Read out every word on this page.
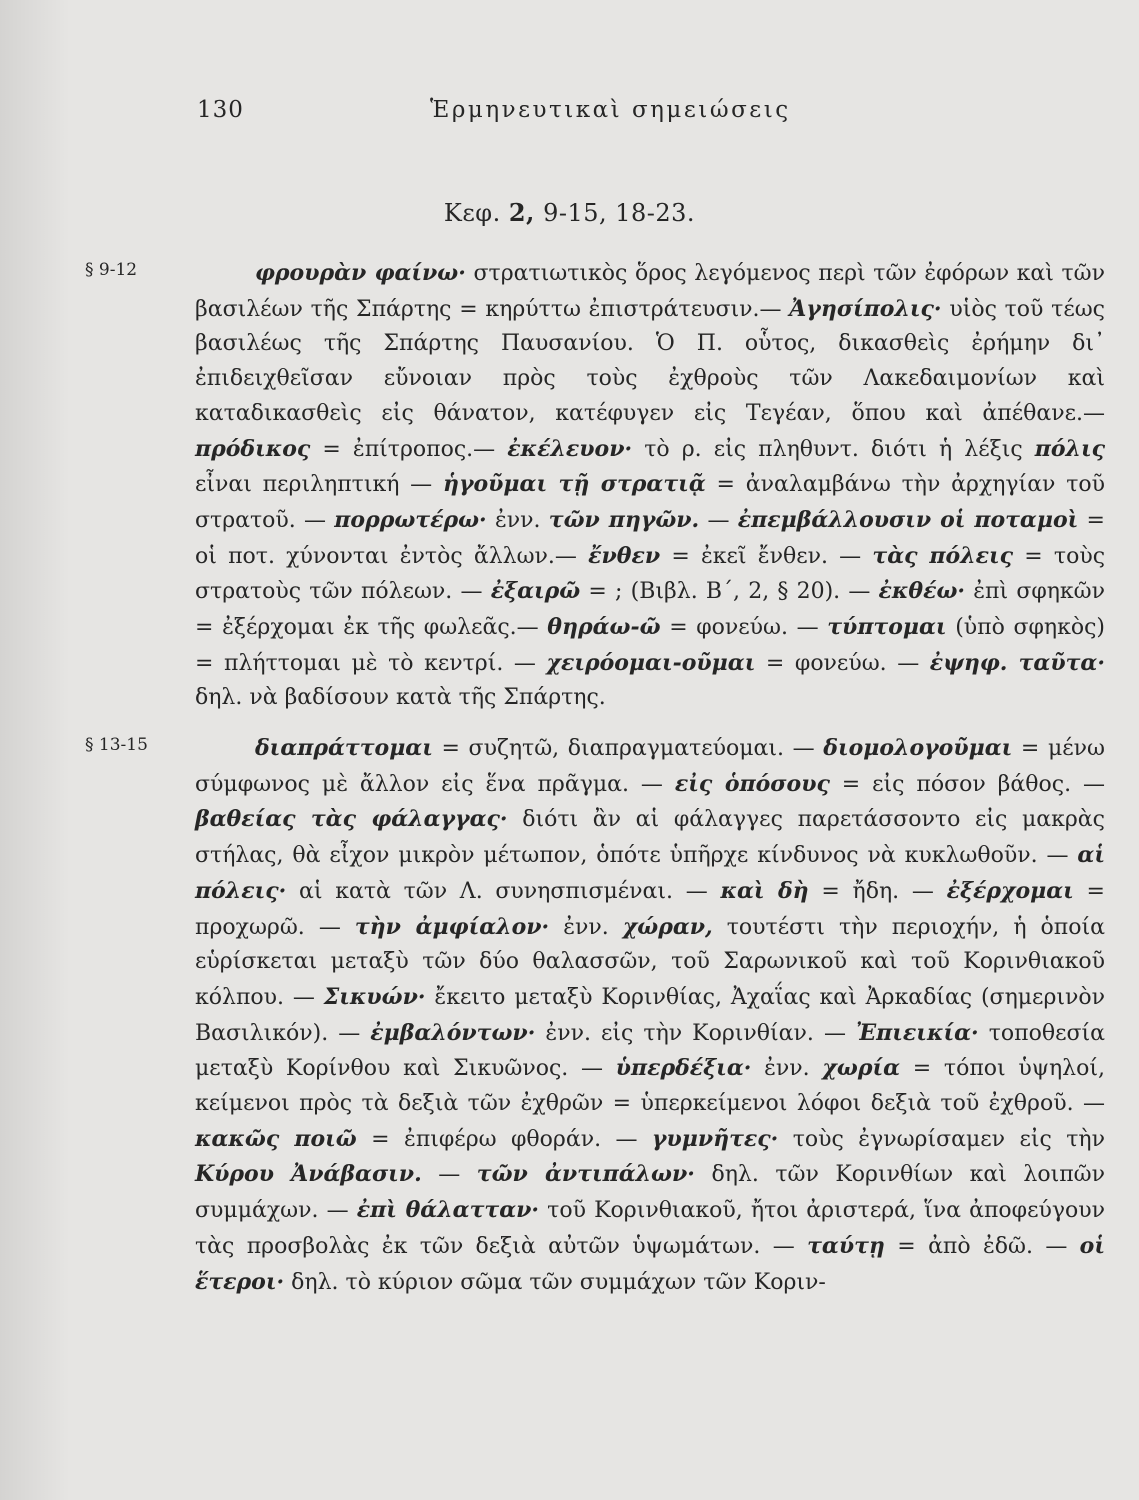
130	Ἑρμηνευτικαὶ σημειώσεις
Κεφ. 2, 9-15, 18-23.
§ 9-12	φρουρὰν φαίνω· στρατιωτικὸς ὅρος λεγόμενος περὶ τῶν ἐφόρων καὶ τῶν βασιλέων τῆς Σπάρτης = κηρύττω ἐπιστράτευσιν.— Ἀγησίπολις· υἱὸς τοῦ τέως βασιλέως τῆς Σπάρτης Παυσανίου. Ὁ Π. οὗτος, δικασθεὶς ἐρήμην δι᾿ ἐπιδειχθεῖσαν εὔνοιαν πρὸς τοὺς ἐχθροὺς τῶν Λακεδαιμονίων καὶ καταδικασθεὶς εἰς θάνατον, κατέφυγεν εἰς Τεγέαν, ὅπου καὶ ἀπέθανε.— πρόδικος = ἐπίτροπος.— ἐκέλευον· τὸ ρ. εἰς πληθυντ. διότι ἡ λέξις πόλις εἶναι περιληπτική — ἡγοῦμαι τῇ στρατιᾷ = ἀναλαμβάνω τὴν ἀρχηγίαν τοῦ στρατοῦ. — πορρωτέρω· ἐνν. τῶν πηγῶν. — ἐπεμβάλλουσιν οἱ ποταμοὶ = οἱ ποτ. χύνονται ἐντὸς ἄλλων.— ἔνθεν = ἐκεῖ ἔνθεν. — τὰς πόλεις = τοὺς στρατοὺς τῶν πόλεων. — ἐξαιρῶ = ; (Βιβλ. Β΄, 2, § 20). — ἐκθέω· ἐπὶ σφηκῶν = ἐξέρχομαι ἐκ τῆς φωλεᾶς.— θηράω-ῶ = φονεύω. — τύπτομαι (ὑπὸ σφηκὸς) = πλήττομαι μὲ τὸ κεντρί. — χειρόομαι-οῦμαι = φονεύω. — ἐψηφ. ταῦτα· δηλ. νὰ βαδίσουν κατὰ τῆς Σπάρτης.

§ 13-15	διαπράττομαι = συζητῶ, διαπραγματεύομαι. — διομολογοῦμαι = μένω σύμφωνος μὲ ἄλλον εἰς ἕνα πρᾶγμα. — εἰς ὁπόσους = εἰς πόσον βάθος. — βαθείας τὰς φάλαγγας· διότι ἂν αἱ φάλαγγες παρετάσσοντο εἰς μακρὰς στήλας, θὰ εἶχον μικρὸν μέτωπον, ὁπότε ὑπῆρχε κίνδυνος νὰ κυκλωθοῦν. — αἱ πόλεις· αἱ κατὰ τῶν Λ. συνησπισμέναι. — καὶ δὴ = ἤδη. — ἐξέρχομαι = προχωρῶ. — τὴν ἀμφίαλον· ἐνν. χώραν, τουτέστι τὴν περιοχήν, ἡ ὁποία εὑρίσκεται μεταξὺ τῶν δύο θαλασσῶν, τοῦ Σαρωνικοῦ καὶ τοῦ Κορινθιακοῦ κόλπου. — Σικυών· ἔκειτο μεταξὺ Κορινθίας, Ἀχαΐας καὶ Ἀρκαδίας (σημερινὸν Βασιλικόν). — ἐμβαλόντων· ἐνν. εἰς τὴν Κορινθίαν. — Ἐπιεικία· τοποθεσία μεταξὺ Κορίνθου καὶ Σικυῶνος. — ὑπερδέξια· ἐνν. χωρία = τόποι ὑψηλοί, κείμενοι πρὸς τὰ δεξιὰ τῶν ἐχθρῶν = ὑπερκείμενοι λόφοι δεξιὰ τοῦ ἐχθροῦ. — κακῶς ποιῶ = ἐπιφέρω φθοράν. — γυμνῆτες· τοὺς ἐγνωρίσαμεν εἰς τὴν Κύρου Ἀνάβασιν. — τῶν ἀντιπάλων· δηλ. τῶν Κορινθίων καὶ λοιπῶν συμμάχων. — ἐπὶ θάλατταν· τοῦ Κορινθιακοῦ, ἤτοι ἀριστερά, ἵνα ἀποφεύγουν τὰς προσβολὰς ἐκ τῶν δεξιὰ αὐτῶν ὑψωμάτων. — ταύτῃ = ἀπὸ ἐδῶ. — οἱ ἕτεροι· δηλ. τὸ κύριον σῶμα τῶν συμμάχων τῶν Κοριν-
